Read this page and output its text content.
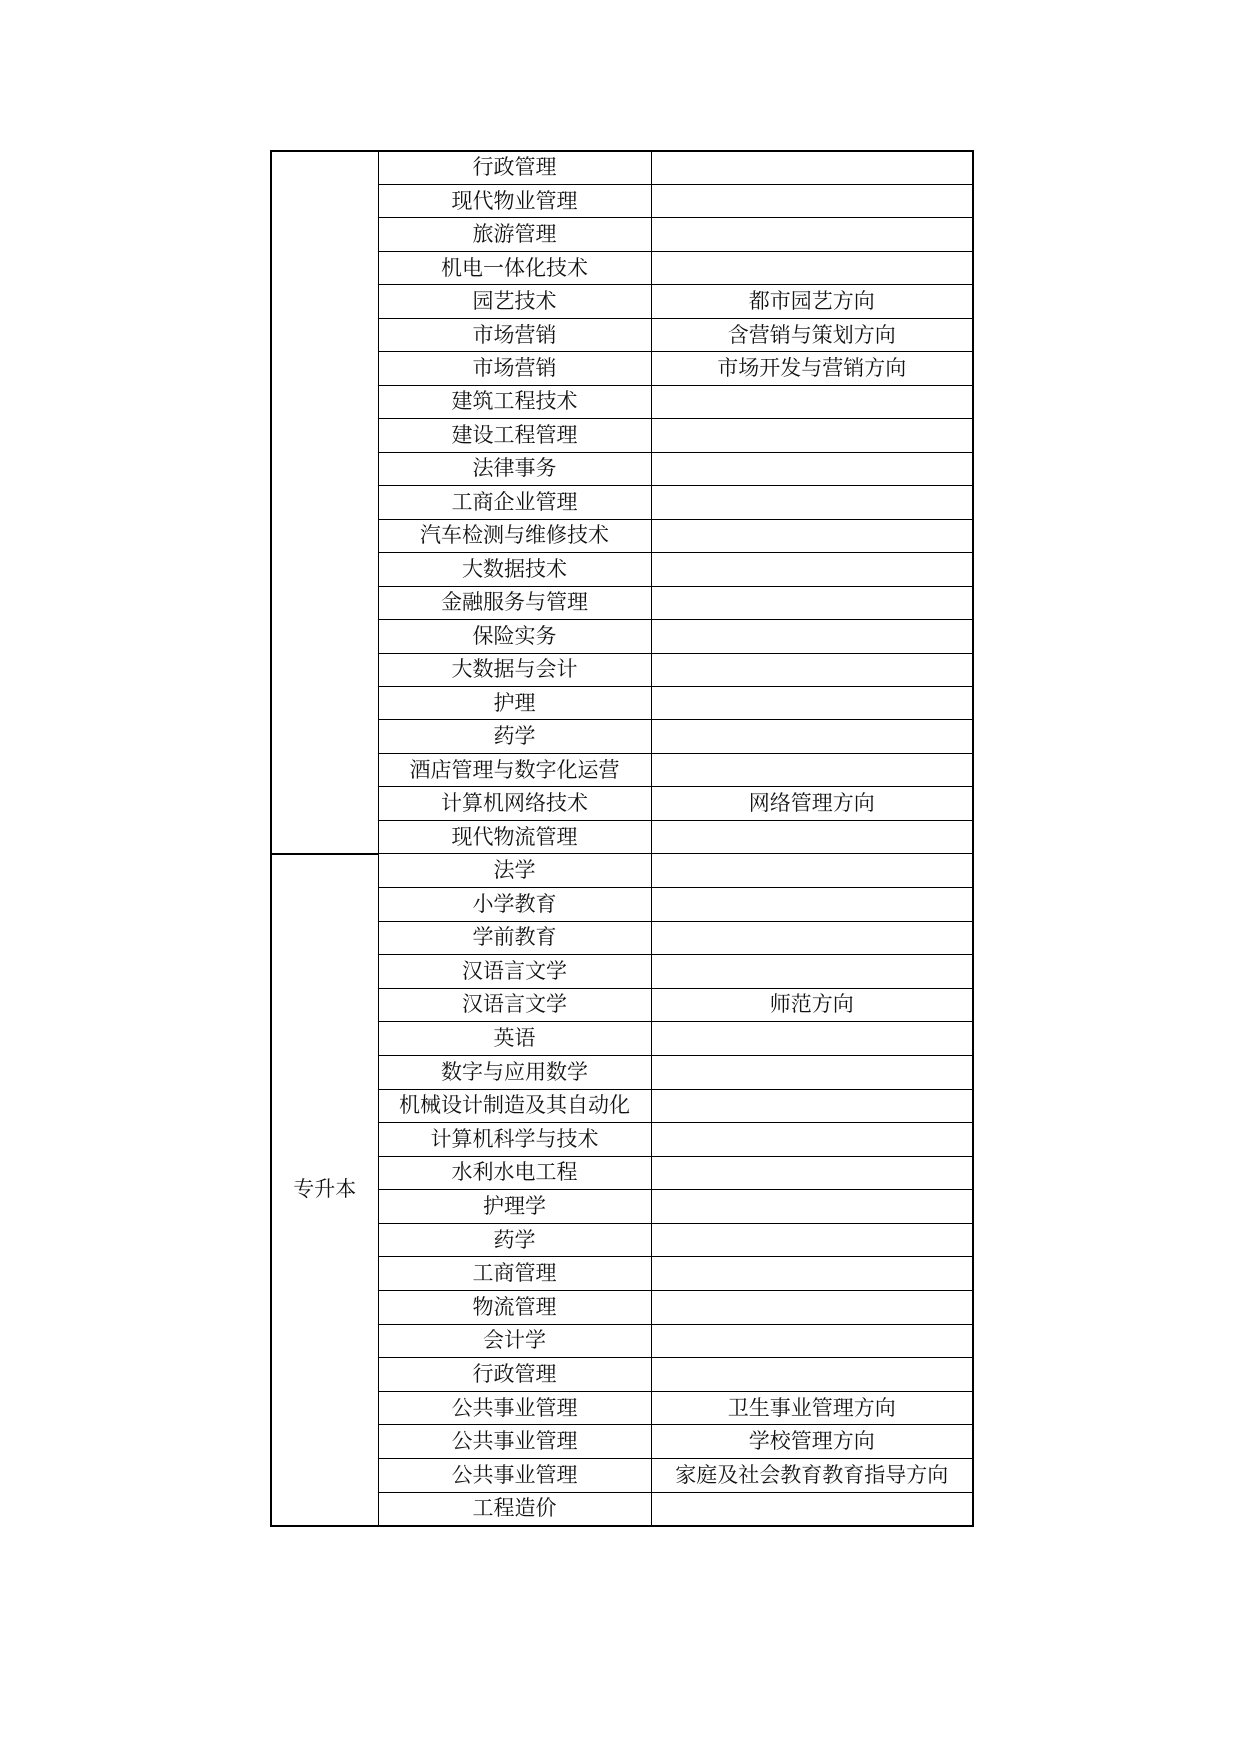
	行政管理	
	现代物业管理	
	旅游管理	
	机电一体化技术	
	园艺技术	都市园艺方向
	市场营销	含营销与策划方向
	市场营销	市场开发与营销方向
	建筑工程技术	
	建设工程管理	
	法律事务	
	工商企业管理	
	汽车检测与维修技术	
	大数据技术	
	金融服务与管理	
	保险实务	
	大数据与会计	
	护理	
	药学	
	酒店管理与数字化运营	
	计算机网络技术	网络管理方向
	现代物流管理	
专升本	法学	
	小学教育	
	学前教育	
	汉语言文学	
	汉语言文学	师范方向
	英语	
	数字与应用数学	
	机械设计制造及其自动化	
	计算机科学与技术	
	水利水电工程	
	护理学	
	药学	
	工商管理	
	物流管理	
	会计学	
	行政管理	
	公共事业管理	卫生事业管理方向
	公共事业管理	学校管理方向
	公共事业管理	家庭及社会教育教育指导方向
	工程造价	
